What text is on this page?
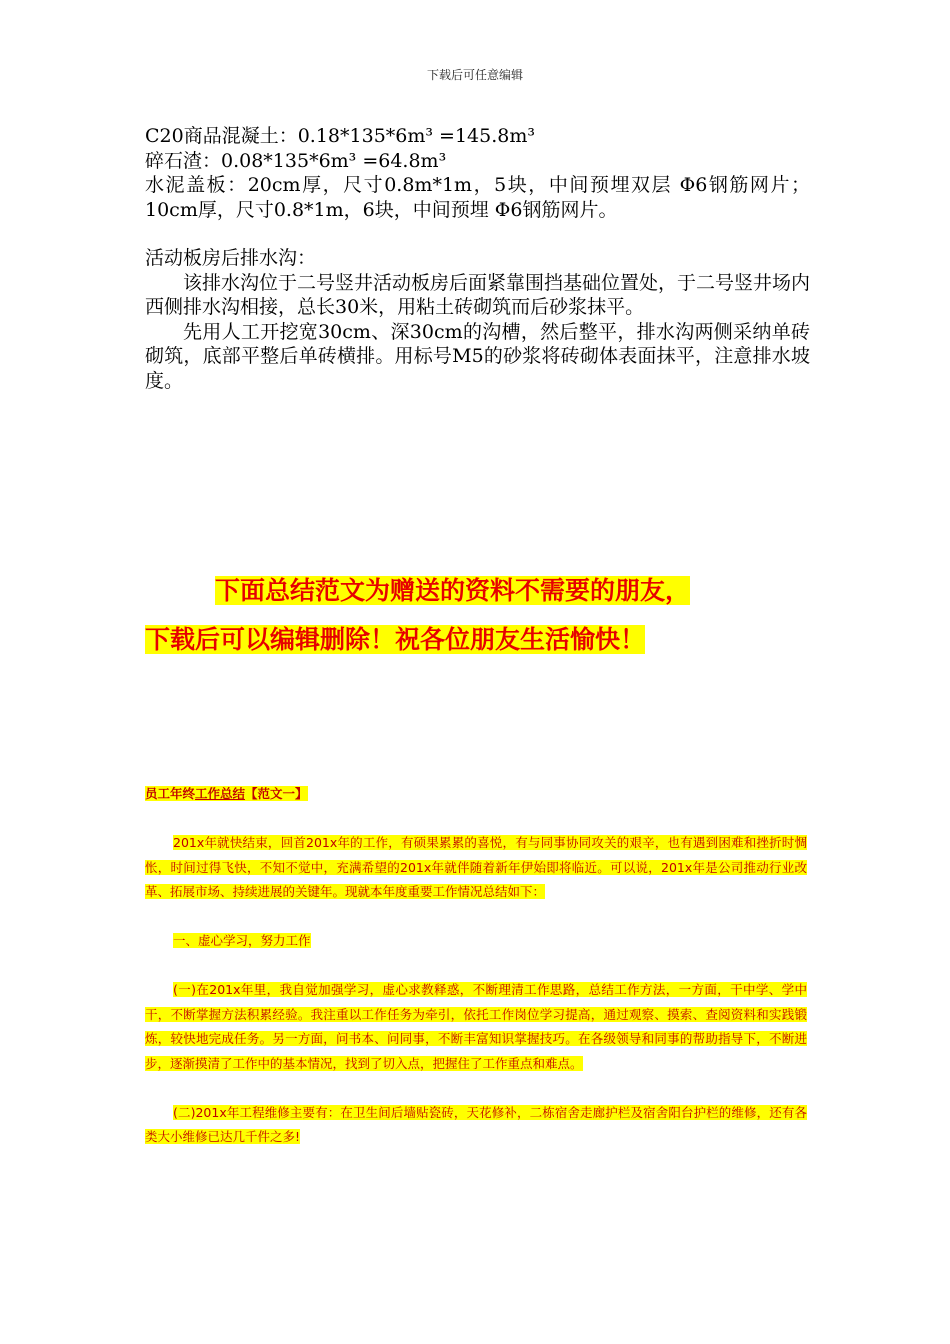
下载后可任意编辑

C20商品混凝土：0.18*135*6m³ =145.8m³

碎石渣：0.08*135*6m³ =64.8m³

水泥盖板：20cm厚，尺寸0.8m*1m，5块，中间预埋双层 Φ6钢筋网片；10cm厚，尺寸0.8*1m，6块，中间预埋 Φ6钢筋网片。

活动板房后排水沟：

该排水沟位于二号竖井活动板房后面紧靠围挡基础位置处，于二号竖井场内西侧排水沟相接，总长30米，用粘土砖砌筑而后砂浆抹平。

先用人工开挖宽30cm、深30cm的沟槽，然后整平，排水沟两侧采纳单砖砌筑，底部平整后单砖横排。用标号M5的砂浆将砖砌体表面抹平，注意排水坡度。

下面总结范文为赠送的资料不需要的朋友，
下载后可以编辑删除！祝各位朋友生活愉快！

员工年终工作总结【范文一】

201x年就快结束，回首201x年的工作，有硕果累累的喜悦，有与同事协同攻关的艰辛，也有遇到困难和挫折时惆怅，时间过得飞快，不知不觉中，充满希望的201x年就伴随着新年伊始即将临近。可以说，201x年是公司推动行业改革、拓展市场、持续进展的关键年。现就本年度重要工作情况总结如下：

一、虚心学习，努力工作

(一)在201x年里，我自觉加强学习，虚心求教释惑，不断理清工作思路，总结工作方法，一方面，干中学、学中干，不断掌握方法积累经验。我注重以工作任务为牵引，依托工作岗位学习提高，通过观察、摸索、查阅资料和实践锻炼，较快地完成任务。另一方面，问书本、问同事，不断丰富知识掌握技巧。在各级领导和同事的帮助指导下，不断进步，逐渐摸清了工作中的基本情况，找到了切入点，把握住了工作重点和难点。

(二)201x年工程维修主要有：在卫生间后墙贴瓷砖，天花修补，二栋宿舍走廊护栏及宿舍阳台护栏的维修，还有各类大小维修已达几千件之多!
